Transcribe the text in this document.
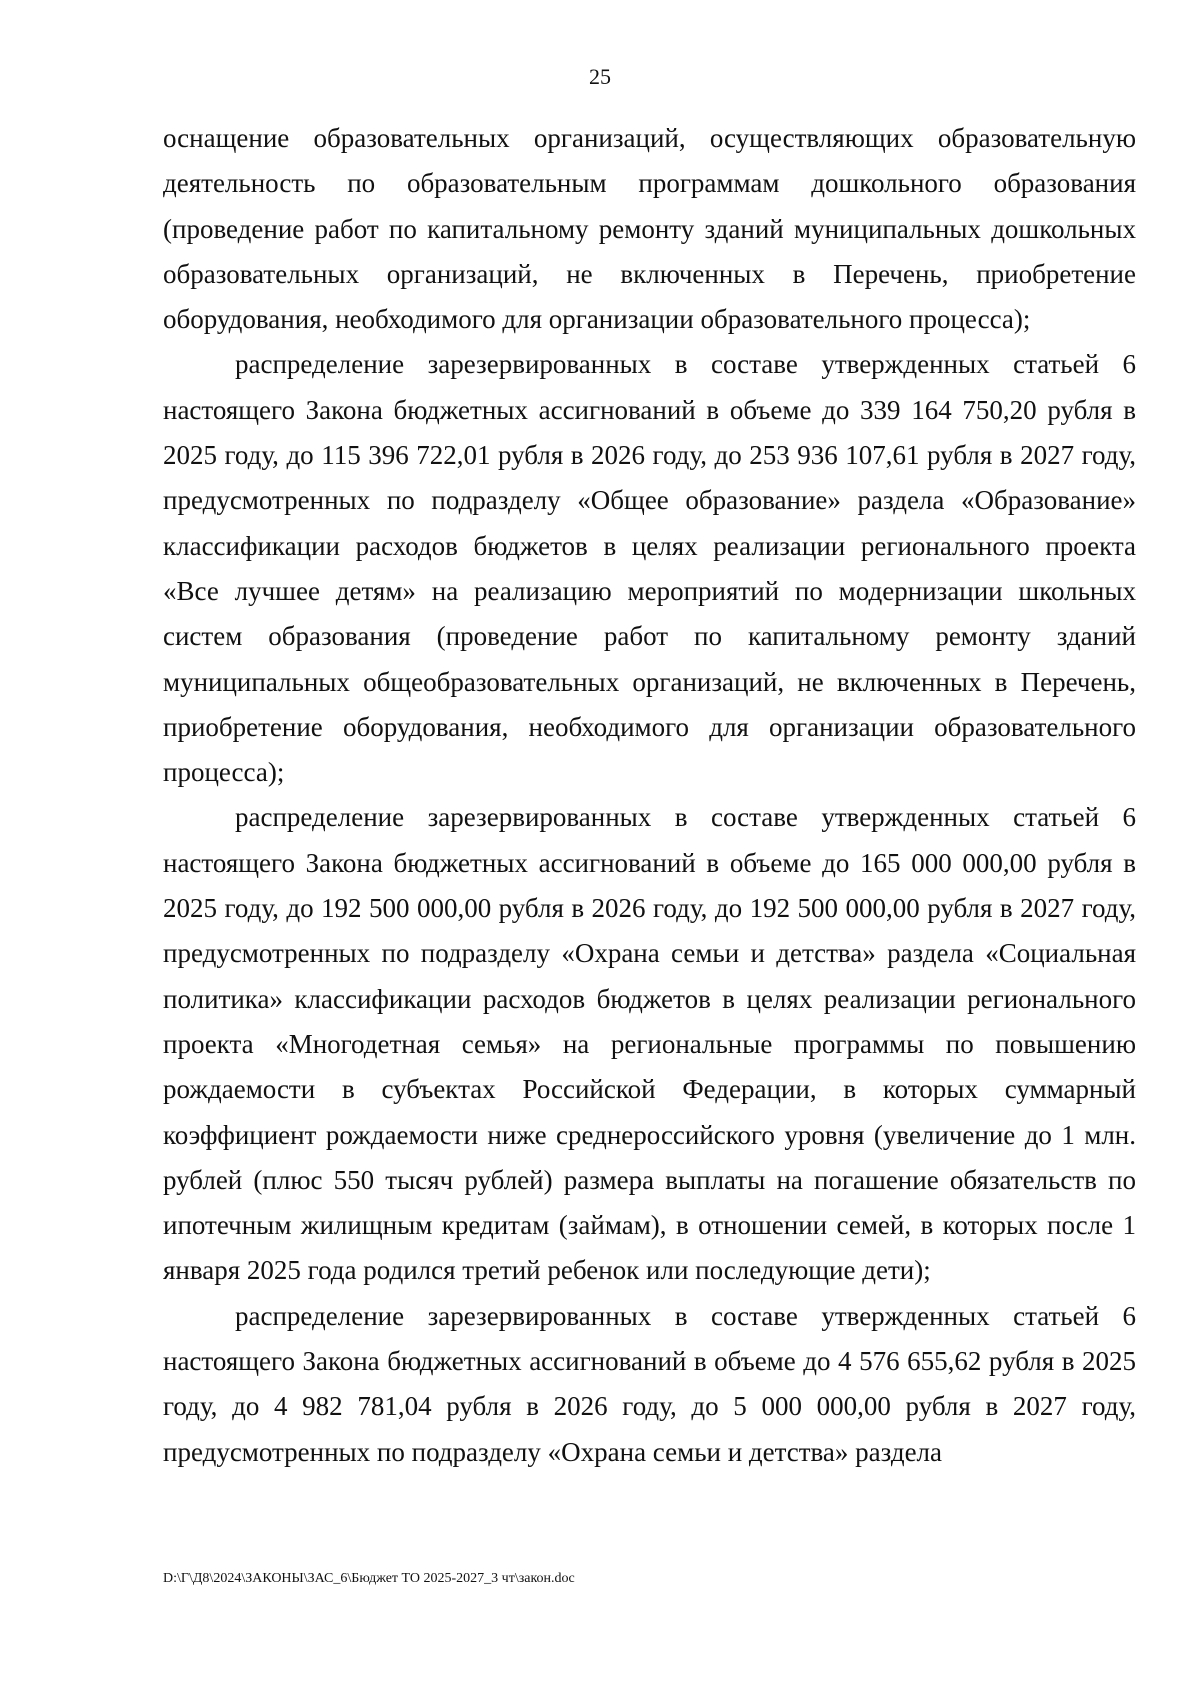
25

оснащение образовательных организаций, осуществляющих образовательную деятельность по образовательным программам дошкольного образования (проведение работ по капитальному ремонту зданий муниципальных дошкольных образовательных организаций, не включенных в Перечень, приобретение оборудования, необходимого для организации образовательного процесса);

распределение зарезервированных в составе утвержденных статьей 6 настоящего Закона бюджетных ассигнований в объеме до 339 164 750,20 рубля в 2025 году, до 115 396 722,01 рубля в 2026 году, до 253 936 107,61 рубля в 2027 году, предусмотренных по подразделу «Общее образование» раздела «Образование» классификации расходов бюджетов в целях реализации регионального проекта «Все лучшее детям» на реализацию мероприятий по модернизации школьных систем образования (проведение работ по капитальному ремонту зданий муниципальных общеобразовательных организаций, не включенных в Перечень, приобретение оборудования, необходимого для организации образовательного процесса);

распределение зарезервированных в составе утвержденных статьей 6 настоящего Закона бюджетных ассигнований в объеме до 165 000 000,00 рубля в 2025 году, до 192 500 000,00 рубля в 2026 году, до 192 500 000,00 рубля в 2027 году, предусмотренных по подразделу «Охрана семьи и детства» раздела «Социальная политика» классификации расходов бюджетов в целях реализации регионального проекта «Многодетная семья» на региональные программы по повышению рождаемости в субъектах Российской Федерации, в которых суммарный коэффициент рождаемости ниже среднероссийского уровня (увеличение до 1 млн. рублей (плюс 550 тысяч рублей) размера выплаты на погашение обязательств по ипотечным жилищным кредитам (займам), в отношении семей, в которых после 1 января 2025 года родился третий ребенок или последующие дети);

распределение зарезервированных в составе утвержденных статьей 6 настоящего Закона бюджетных ассигнований в объеме до 4 576 655,62 рубля в 2025 году, до 4 982 781,04 рубля в 2026 году, до 5 000 000,00 рубля в 2027 году, предусмотренных по подразделу «Охрана семьи и детства» раздела

D:\Г\Д8\2024\ЗАКОНЫ\ЗАС_6\Бюджет ТО 2025-2027_3 чт\закон.doc
